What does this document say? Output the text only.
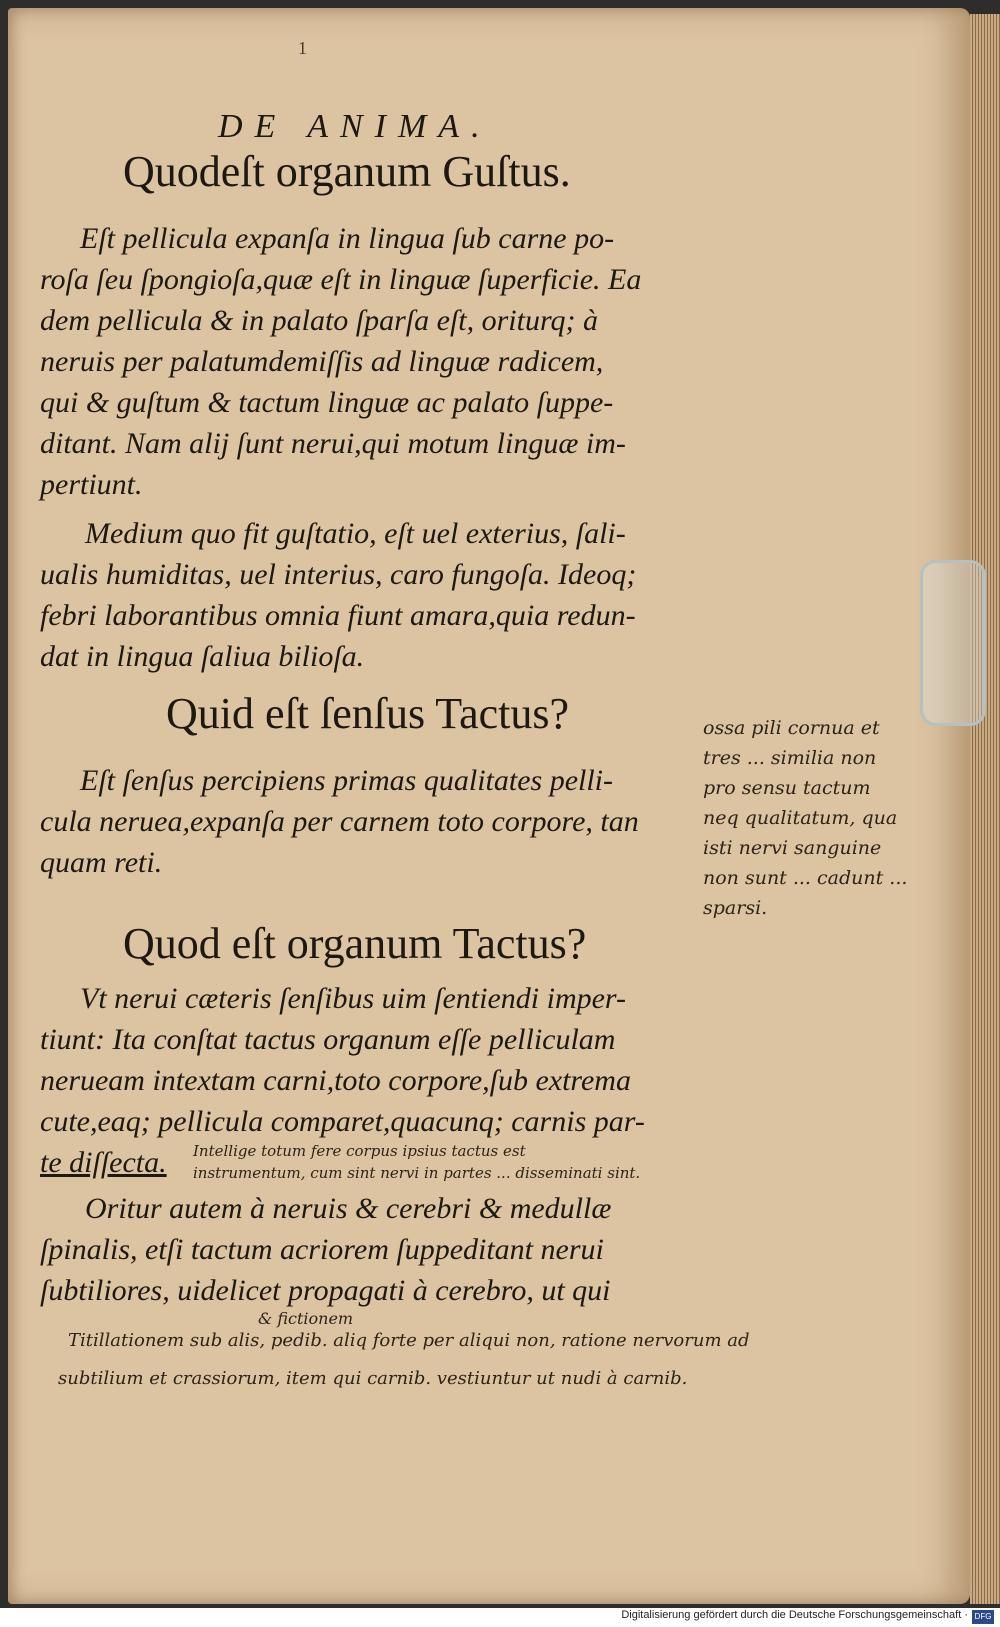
1
DE ANIMA.
Quodeſt organum Guſtus.
Eſt pellicula expanſa in lingua ſub carne po-
roſa ſeu ſpongioſa,quæ eſt in linguæ ſuperficie. Ea
dem pellicula & in palato ſparſa eſt, oriturq; à
neruis per palatumdemiſſis ad linguæ radicem,
qui & guſtum & tactum linguæ ac palato ſuppe-
ditant. Nam alij ſunt nerui,qui motum linguæ im-
pertiunt.
Medium quo fit guſtatio, eſt uel exterius, ſali-
ualis humiditas, uel interius, caro fungoſa. Ideoq;
febri laborantibus omnia fiunt amara,quia redun-
dat in lingua ſaliua bilioſa.
Quid eſt ſenſus Tactus?
Eſt ſenſus percipiens primas qualitates pelli-
cula neruea,expanſa per carnem toto corpore, tan
quam reti.
Quod eſt organum Tactus?
Vt nerui cæteris ſenſibus uim ſentiendi imper-
tiunt: Ita conſtat tactus organum eſſe pelliculam
nerueam intextam carni,toto corpore,ſub extrema
cute,eaq; pellicula comparet,quacunq; carnis par-
te diſſecta.
Oritur autem à neruis & cerebri & medullæ
ſpinalis, etſi tactum acriorem ſuppeditant nerui
ſubtiliores, uidelicet propagati à cerebro, ut qui
ossa pili cornua et
tres ... similia non
pro sensu tactum
neq qualitatum, qua
isti nervi sanguine
non sunt ... cadunt ...
sparsi.
Intellige totum fere corpus ipsius tactus est
instrumentum, cum sint nervi in partes ... disseminati sint.
& fictionem
Titillationem sub alis, pedib. aliq forte per aliqui non, ratione nervorum ad
subtilium et crassiorum, item qui carnib. vestiuntur ut nudi à carnib.
Digitalisierung gefördert durch die Deutsche Forschungsgemeinschaft · DFG
